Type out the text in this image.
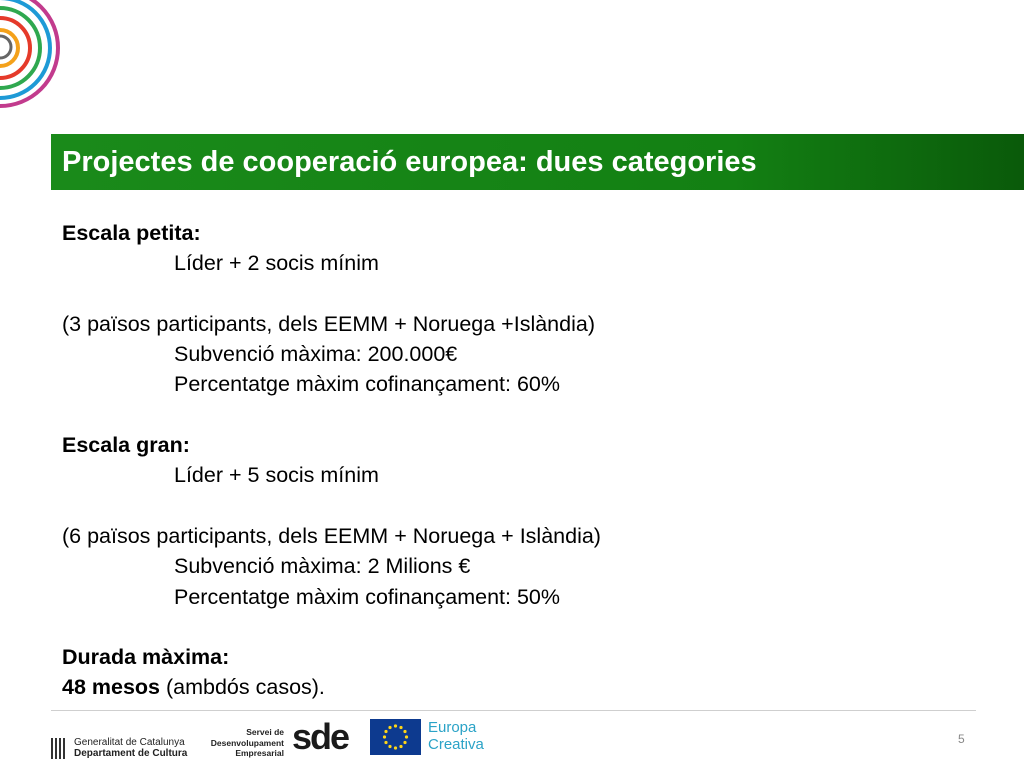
Projectes de cooperació europea: dues categories
Escala petita:
Líder + 2 socis mínim
(3 països participants, dels EEMM + Noruega +Islàndia)
Subvenció màxima: 200.000€
Percentatge màxim cofinançament: 60%
Escala gran:
Líder + 5 socis mínim
(6 països participants, dels EEMM + Noruega + Islàndia)
Subvenció màxima: 2 Milions €
Percentatge màxim cofinançament: 50%
Durada màxima:
48 mesos (ambdós casos).
Generalitat de Catalunya
Departament de Cultura
Servei de
Desenvolupament
Empresarial sde	Europa
Creativa	5
